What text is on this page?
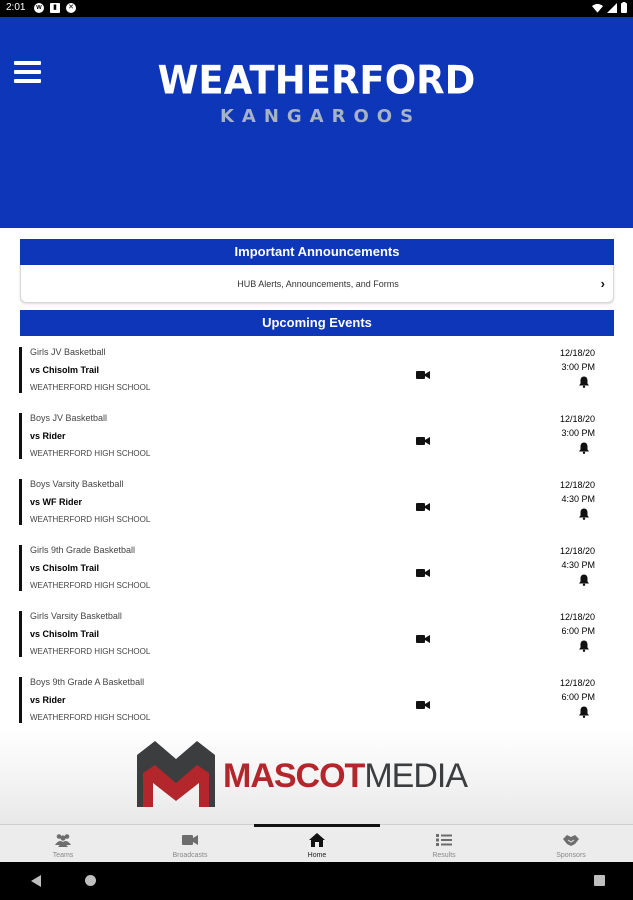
2:01	w	▮	✕
WEATHERFORD
KANGAROOS
Important Announcements
HUB Alerts, Announcements, and Forms	›
Upcoming Events
Girls JV Basketball
vs Chisolm Trail
WEATHERFORD HIGH SCHOOL
12/18/20
3:00 PM
Boys JV Basketball
vs Rider
WEATHERFORD HIGH SCHOOL
12/18/20
3:00 PM
Boys Varsity Basketball
vs WF Rider
WEATHERFORD HIGH SCHOOL
12/18/20
4:30 PM
Girls 9th Grade Basketball
vs Chisolm Trail
WEATHERFORD HIGH SCHOOL
12/18/20
4:30 PM
Girls Varsity Basketball
vs Chisolm Trail
WEATHERFORD HIGH SCHOOL
12/18/20
6:00 PM
Boys 9th Grade A Basketball
vs Rider
WEATHERFORD HIGH SCHOOL
12/18/20
6:00 PM
MASCOTMEDIA
Teams	Broadcasts	Home	Results	Sponsors
